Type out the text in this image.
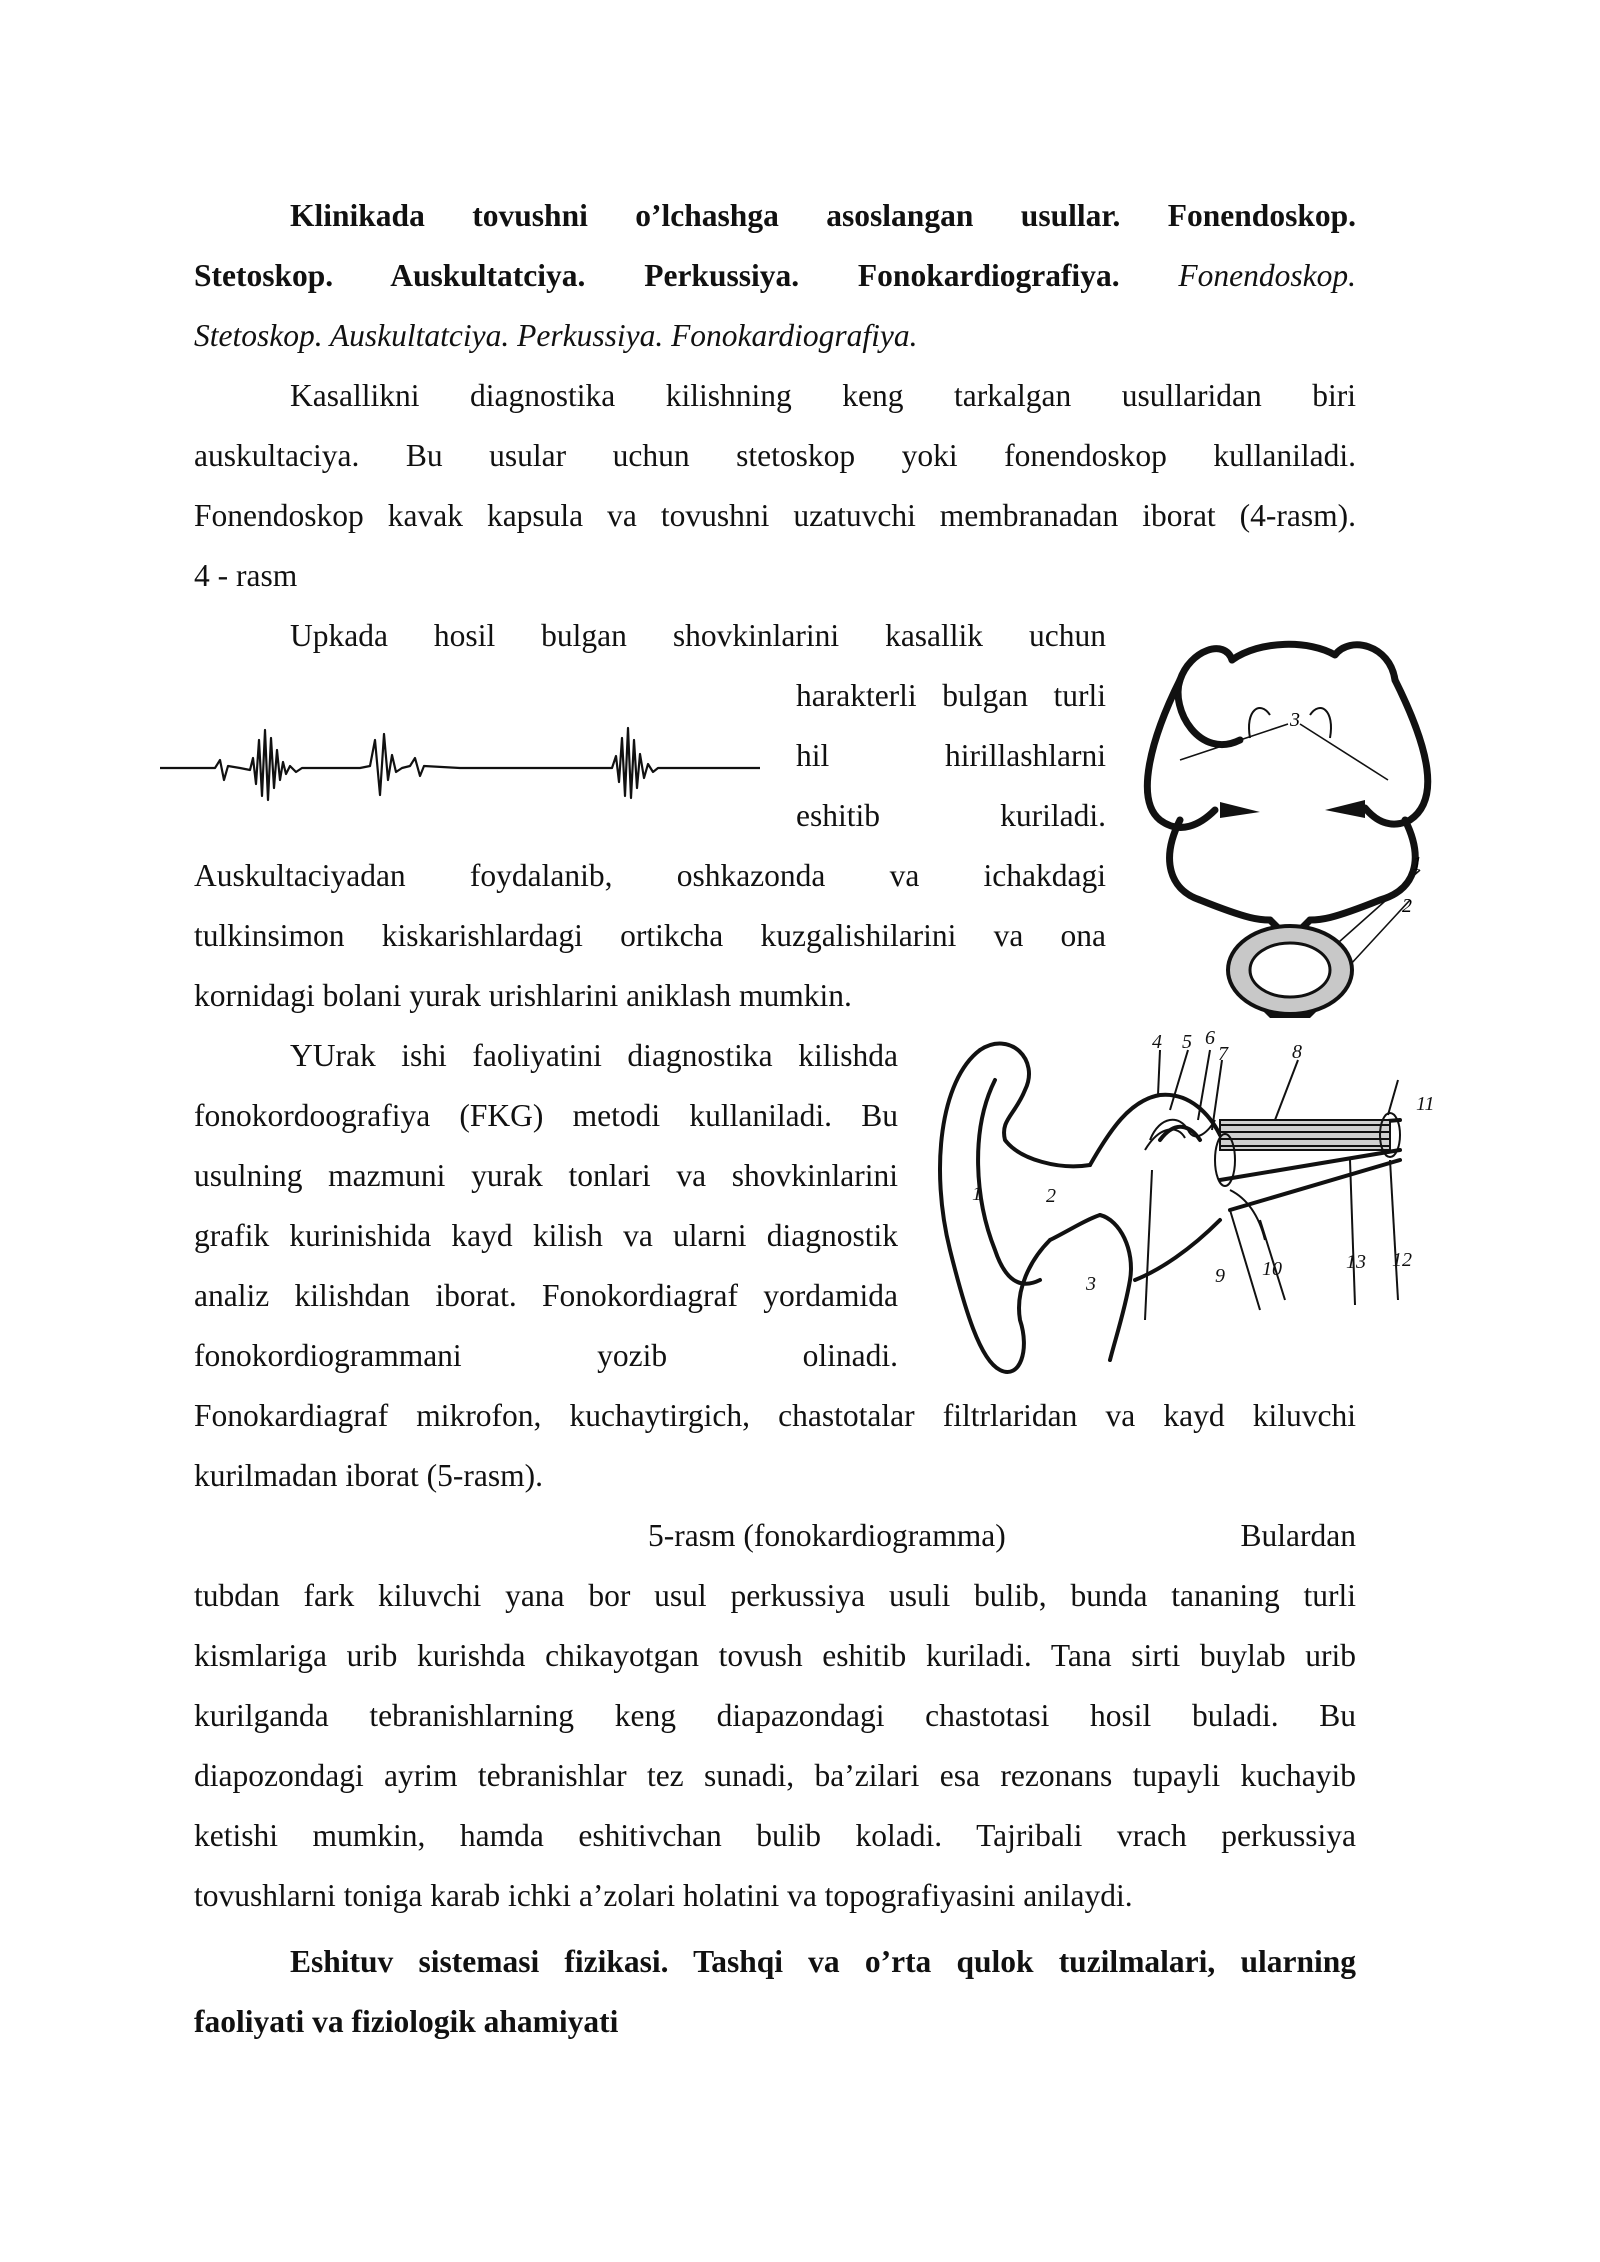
Klinikada tovushni o’lchashga asoslangan usullar. Fonendoskop.
Stetoskop. Auskultatciya. Perkussiya. Fonokardiografiya. Fonendoskop.
Stetoskop. Auskultatciya. Perkussiya. Fonokardiografiya.
Kasallikni diagnostika kilishning keng tarkalgan usullaridan biri
auskultaciya. Bu usular uchun stetoskop yoki fonendoskop kullaniladi.
Fonendoskop kavak kapsula va tovushni uzatuvchi membranadan iborat (4-rasm).
4 - rasm
Upkada hosil bulgan shovkinlarini kasallik uchun
harakterli bulgan turli
hil hirillashlarni
eshitib kuriladi.
Auskultaciyadan foydalanib, oshkazonda va ichakdagi
tulkinsimon kiskarishlardagi ortikcha kuzgalishilarini va ona
kornidagi bolani yurak urishlarini aniklash mumkin.
YUrak ishi faoliyatini diagnostika kilishda
fonokordoografiya (FKG) metodi kullaniladi. Bu
usulning mazmuni yurak tonlari va shovkinlarini
grafik kurinishida kayd kilish va ularni diagnostik
analiz kilishdan iborat. Fonokordiagraf yordamida
fonokordiogrammani yozib olinadi.
Fonokardiagraf mikrofon, kuchaytirgich, chastotalar filtrlaridan va kayd kiluvchi
kurilmadan iborat (5-rasm).
5-rasm (fonokardiogramma)	Bulardan
tubdan fark kiluvchi yana bor usul perkussiya usuli bulib, bunda tananing turli
kismlariga urib kurishda chikayotgan tovush eshitib kuriladi. Tana sirti buylab urib
kurilganda tebranishlarning keng diapazondagi chastotasi hosil buladi. Bu
diapozondagi ayrim tebranishlar tez sunadi, ba’zilari esa rezonans tupayli kuchayib
ketishi mumkin, hamda eshitivchan bulib koladi. Tajribali vrach perkussiya
tovushlarni toniga karab ichki a’zolari holatini va topografiyasini anilaydi.
Eshituv sistemasi fizikasi. Tashqi va o’rta qulok tuzilmalari, ularning
faoliyati va fiziologik ahamiyati
3
1
2
4 5 6
7	8
11
1	2
3	9 10	13 12
